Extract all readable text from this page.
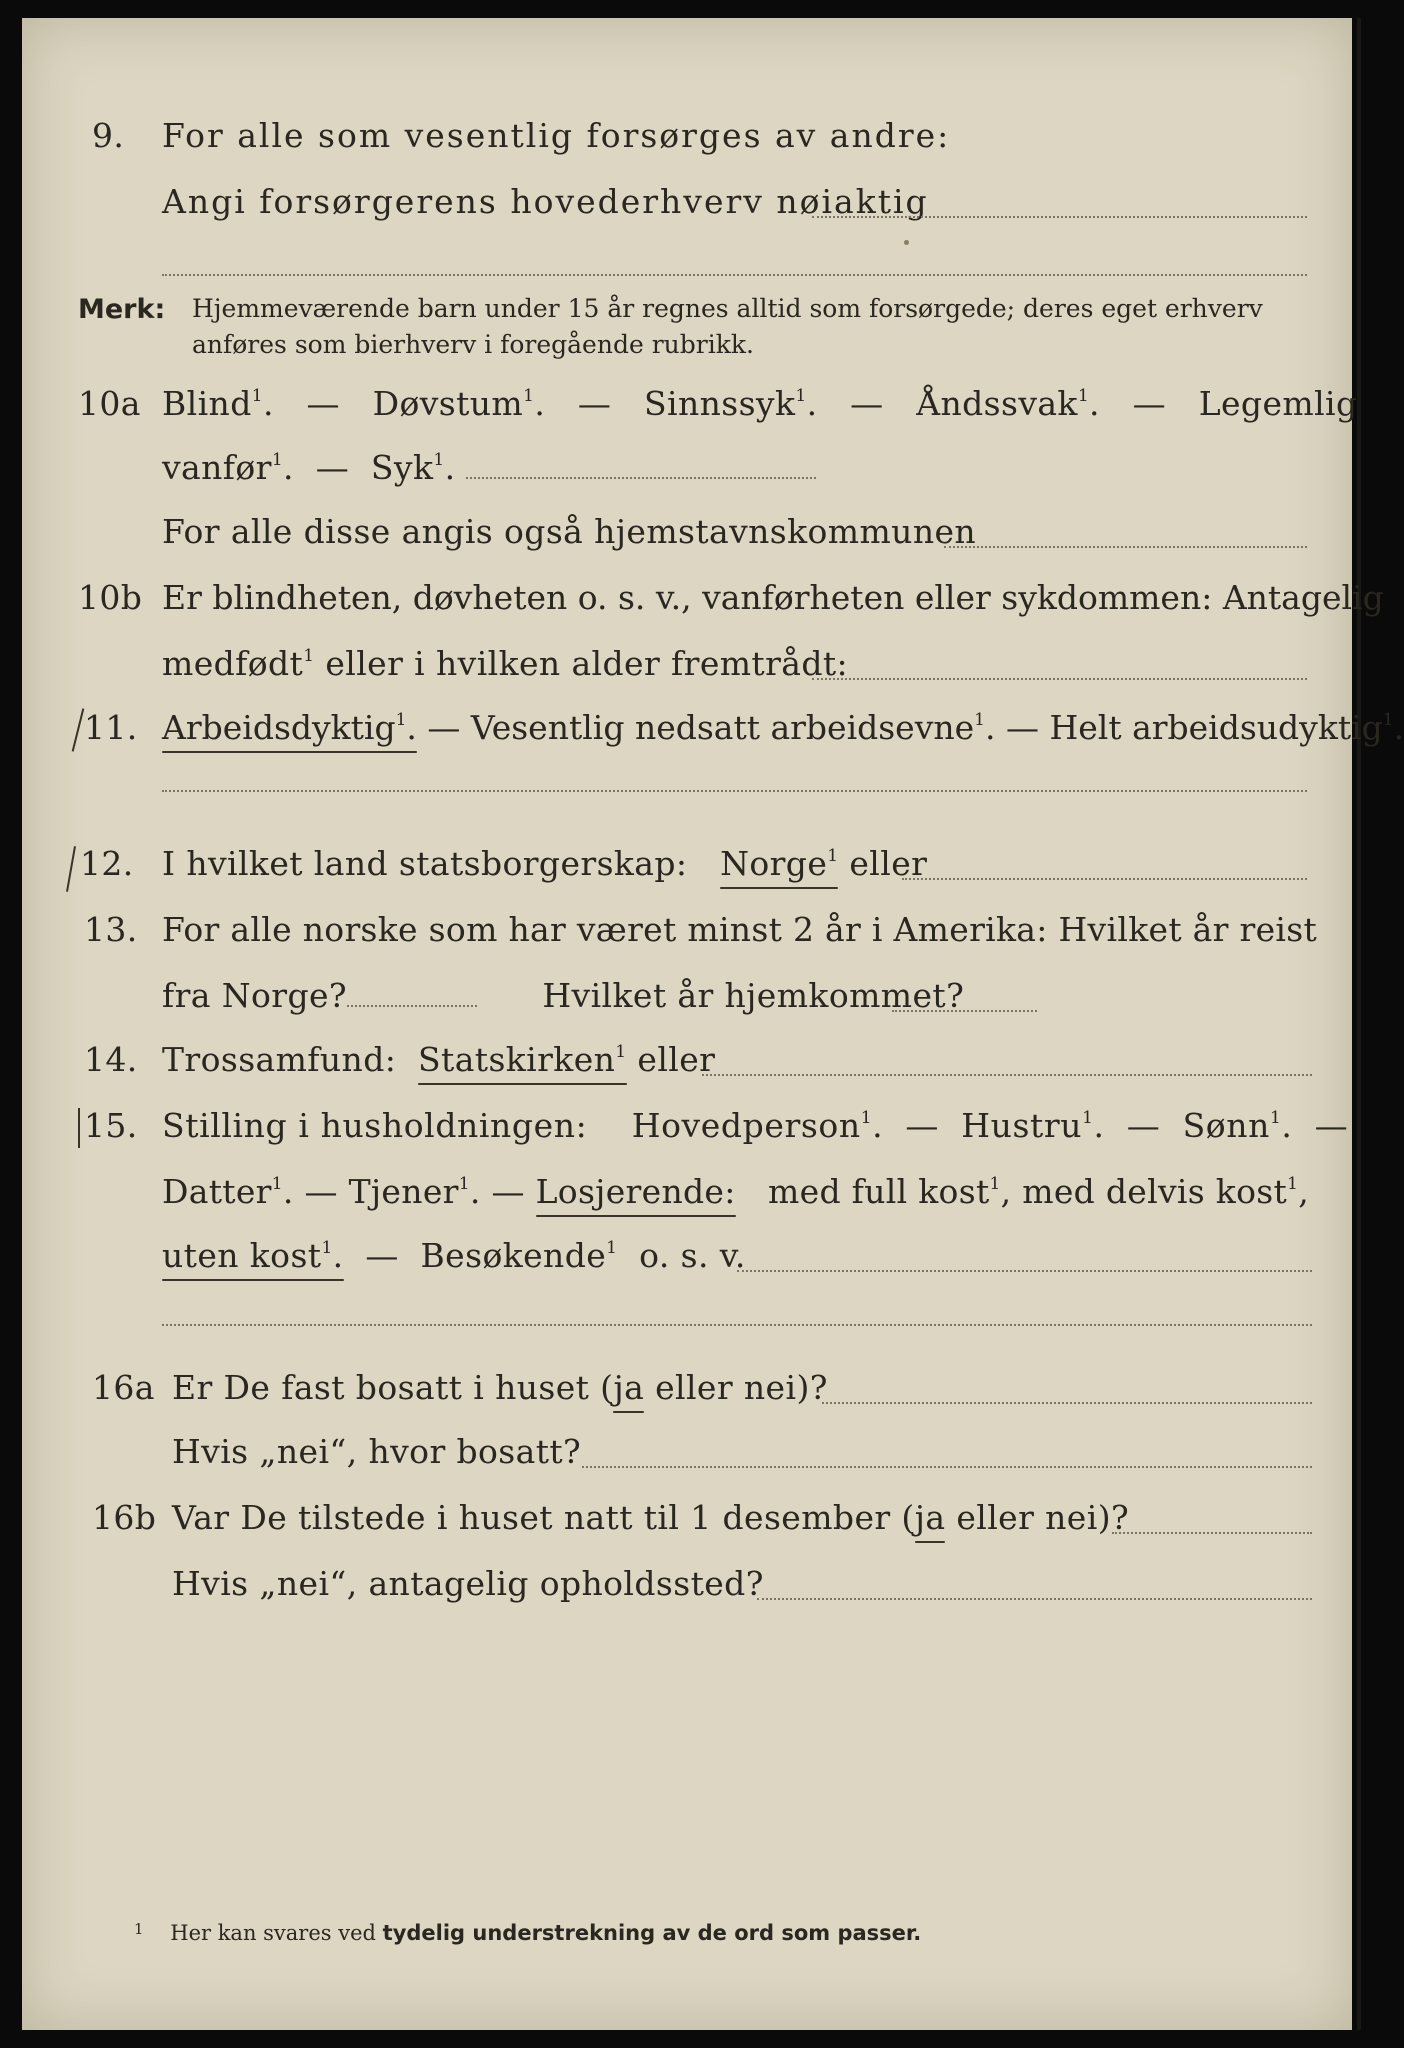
9.	For alle som vesentlig forsørges av andre:
Angi forsørgerens hovederhverv nøiaktig
Merk: Hjemmeværende barn under 15 år regnes alltid som forsørgede; deres eget erhverv
anføres som bierhverv i foregående rubrikk.
10a Blind$^1$. — Døvstum$^1$. — Sinnssyk$^1$. — Åndssvak$^1$. — Legemlig
vanfør$^1$. — Syk$^1$.
For alle disse angis også hjemstavnskommunen
10b Er blindheten, døvheten o. s. v., vanførheten eller sykdommen: Antagelig
medfødt$^1$ eller i hvilken alder fremtrådt:
11. Arbeidsdyktig$^1$. — Vesentlig nedsatt arbeidsevne$^1$. — Helt arbeidsudyktig$^1$.
12. I hvilket land statsborgerskap: Norge$^1$ eller
13. For alle norske som har været minst 2 år i Amerika: Hvilket år reist
fra Norge?	Hvilket år hjemkommet?
14. Trossamfund: Statskirken$^1$ eller
15. Stilling i husholdningen: Hovedperson$^1$. — Hustru$^1$. — Sønn$^1$. —
Datter$^1$. — Tjener$^1$. — Losjerende: med full kost$^1$, med delvis kost$^1$,
uten kost$^1$. — Besøkende$^1$ o. s. v.
16a Er De fast bosatt i huset (ja eller nei)?
Hvis „nei“, hvor bosatt?
16b Var De tilstede i huset natt til 1 desember (ja eller nei)?
Hvis „nei“, antagelig opholdssted?
$^1$ Her kan svares ved tydelig understrekning av de ord som passer.
